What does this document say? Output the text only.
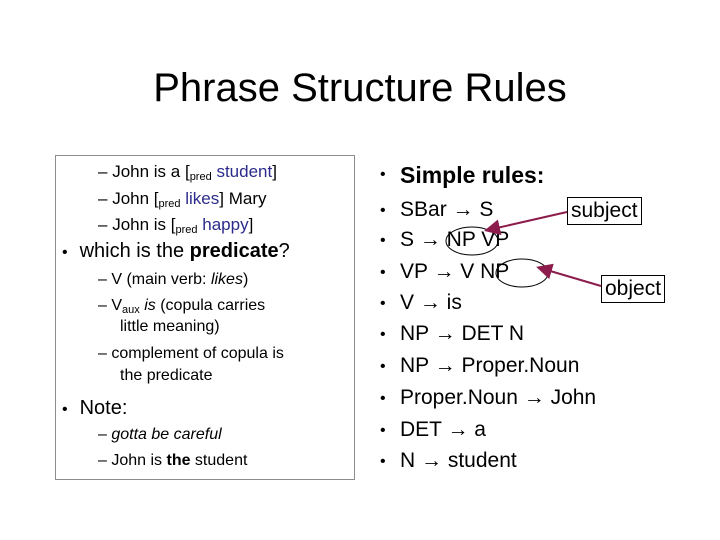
Phrase Structure Rules
– John is a [pred student]
– John [pred likes] Mary
– John is [pred happy]
• which is the predicate?
– V (main verb: likes)
– Vaux is (copula carries
little meaning)
– complement of copula is
the predicate
• Note:
– gotta be careful
– John is the student
• Simple rules:
• SBar → S
• S → NP VP
• VP → V NP
• V → is
• NP → DET N
• NP → Proper.Noun
• Proper.Noun → John
• DET → a
• N → student
subject
object
